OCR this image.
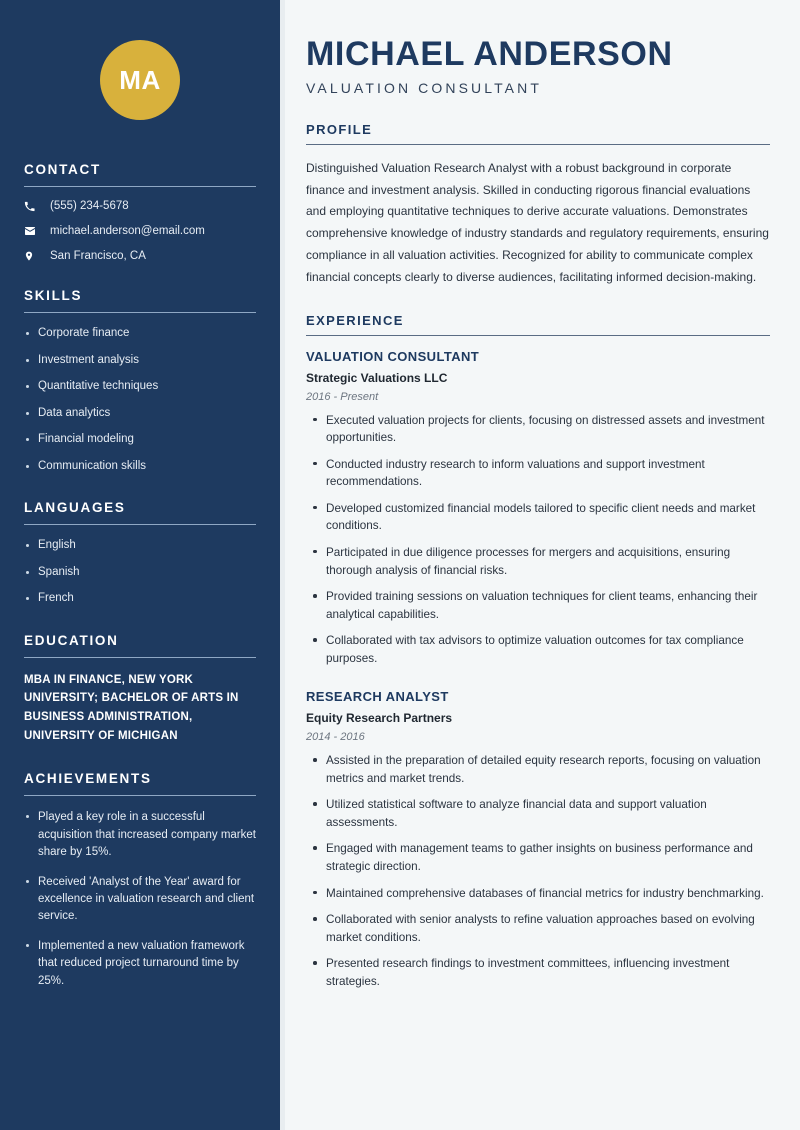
MA
CONTACT
(555) 234-5678
michael.anderson@email.com
San Francisco, CA
SKILLS
Corporate finance
Investment analysis
Quantitative techniques
Data analytics
Financial modeling
Communication skills
LANGUAGES
English
Spanish
French
EDUCATION
MBA IN FINANCE, NEW YORK UNIVERSITY; BACHELOR OF ARTS IN BUSINESS ADMINISTRATION, UNIVERSITY OF MICHIGAN
ACHIEVEMENTS
Played a key role in a successful acquisition that increased company market share by 15%.
Received 'Analyst of the Year' award for excellence in valuation research and client service.
Implemented a new valuation framework that reduced project turnaround time by 25%.
MICHAEL ANDERSON
VALUATION CONSULTANT
PROFILE

Distinguished Valuation Research Analyst with a robust background in corporate finance and investment analysis. Skilled in conducting rigorous financial evaluations and employing quantitative techniques to derive accurate valuations. Demonstrates comprehensive knowledge of industry standards and regulatory requirements, ensuring compliance in all valuation activities. Recognized for ability to communicate complex financial concepts clearly to diverse audiences, facilitating informed decision-making.

EXPERIENCE
VALUATION CONSULTANT
Strategic Valuations LLC
2016 - Present
Executed valuation projects for clients, focusing on distressed assets and investment opportunities.
Conducted industry research to inform valuations and support investment recommendations.
Developed customized financial models tailored to specific client needs and market conditions.
Participated in due diligence processes for mergers and acquisitions, ensuring thorough analysis of financial risks.
Provided training sessions on valuation techniques for client teams, enhancing their analytical capabilities.
Collaborated with tax advisors to optimize valuation outcomes for tax compliance purposes.
RESEARCH ANALYST
Equity Research Partners
2014 - 2016
Assisted in the preparation of detailed equity research reports, focusing on valuation metrics and market trends.
Utilized statistical software to analyze financial data and support valuation assessments.
Engaged with management teams to gather insights on business performance and strategic direction.
Maintained comprehensive databases of financial metrics for industry benchmarking.
Collaborated with senior analysts to refine valuation approaches based on evolving market conditions.
Presented research findings to investment committees, influencing investment strategies.
